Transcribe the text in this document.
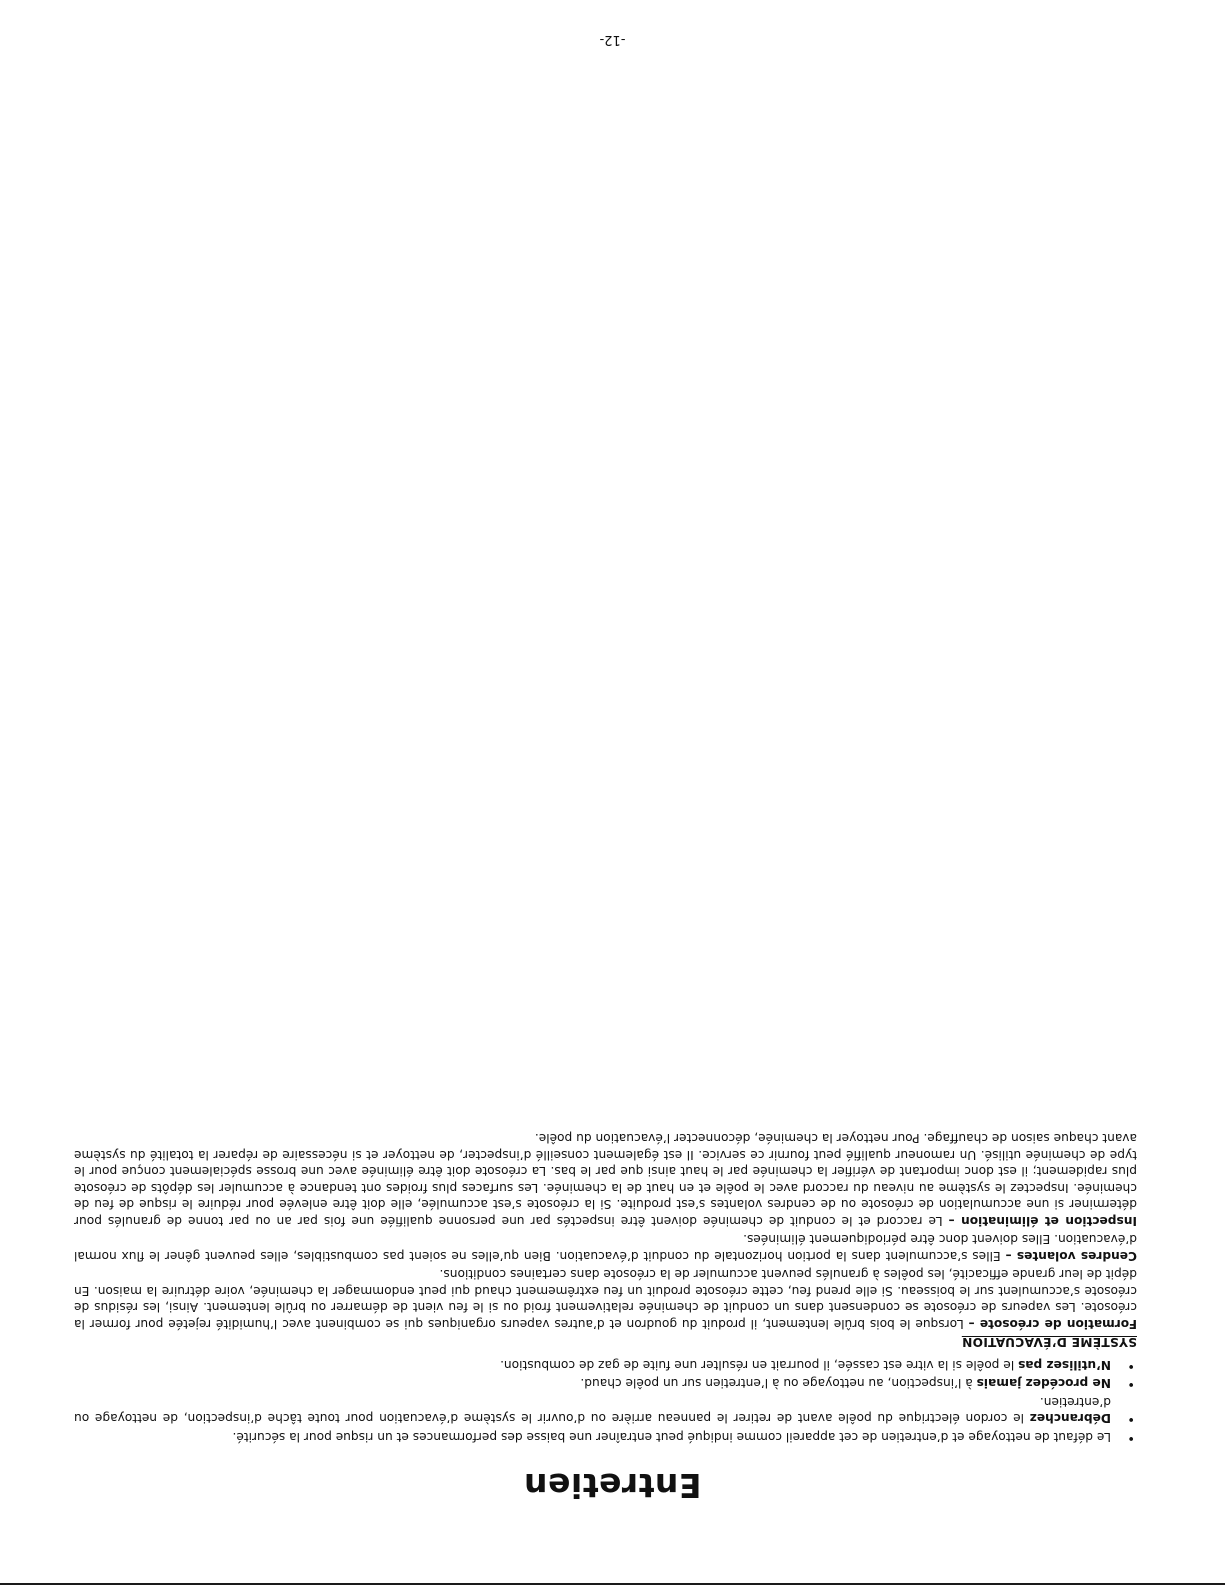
Entretien
•
Le défaut de nettoyage et d’entretien de cet appareil comme indiqué peut entraîner une baisse des performances et un risque pour la sécurité.
•
Débranchez le cordon électrique du poêle avant de retirer le panneau arrière ou d’ouvrir le système d’évacuation pour toute tâche d’inspection, de nettoyage ou d’entretien.
•
Ne procédez jamais à l’inspection, au nettoyage ou à l’entretien sur un poêle chaud.
•
N’utilisez pas le poêle si la vitre est cassée, il pourrait en résulter une fuite de gaz de combustion.
SYSTÈME D’ÉVACUATION

Formation de créosote – Lorsque le bois brûle lentement, il produit du goudron et d’autres vapeurs organiques qui se combinent avec l’humidité rejetée pour former la créosote. Les vapeurs de créosote se condensent dans un conduit de cheminée relativement froid ou si le feu vient de démarrer ou brûle lentement. Ainsi, les résidus de créosote s’accumulent sur le boisseau. Si elle prend feu, cette créosote produit un feu extrêmement chaud qui peut endommager la cheminée, voire détruire la maison. En dépit de leur grande efficacité, les poêles à granulés peuvent accumuler de la créosote dans certaines conditions.

Cendres volantes – Elles s’accumulent dans la portion horizontale du conduit d’évacuation. Bien qu’elles ne soient pas combustibles, elles peuvent gêner le flux normal d’évacuation. Elles doivent donc être périodiquement éliminées.

Inspection et élimination – Le raccord et le conduit de cheminée doivent être inspectés par une personne qualifiée une fois par an ou par tonne de granulés pour déterminer si une accumulation de créosote ou de cendres volantes s’est produite. Si la créosote s’est accumulée, elle doit être enlevée pour réduire le risque de feu de cheminée. Inspectez le système au niveau du raccord avec le poêle et en haut de la cheminée. Les surfaces plus froides ont tendance à accumuler les dépôts de créosote plus rapidement; il est donc important de vérifier la cheminée par le haut ainsi que par le bas. La créosote doit être éliminée avec une brosse spécialement conçue pour le type de cheminée utilisé. Un ramoneur qualifié peut fournir ce service. Il est également conseillé d’inspecter, de nettoyer et si nécessaire de réparer la totalité du système avant chaque saison de chauffage. Pour nettoyer la cheminée, déconnecter l’évacuation du poêle.

-12-
